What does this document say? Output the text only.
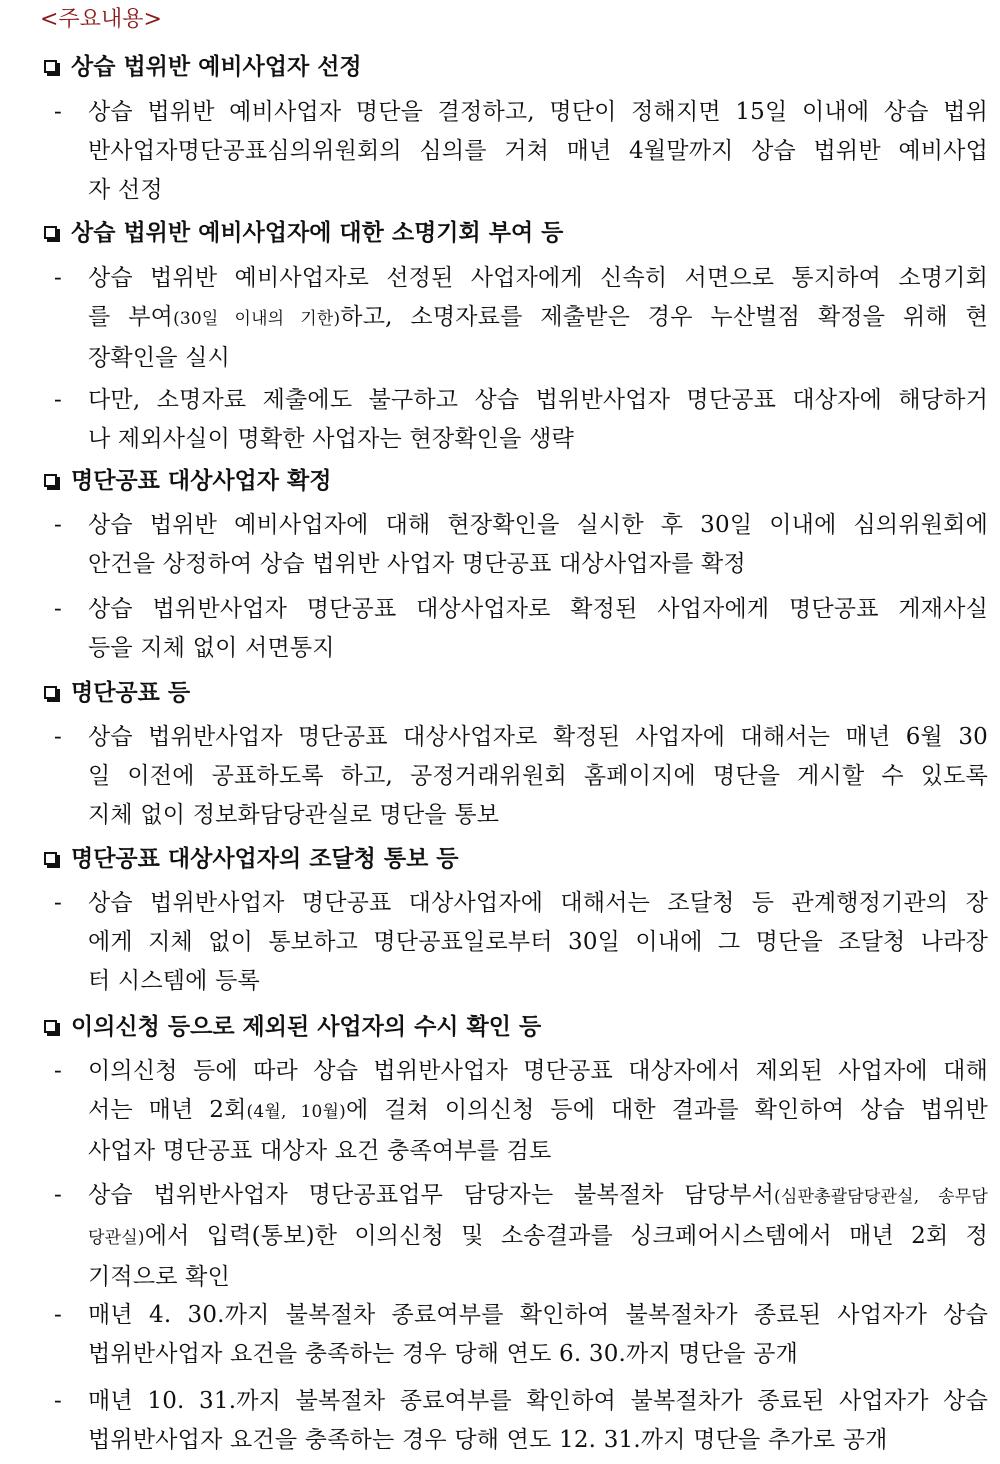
<주요내용>
상습 법위반 예비사업자 선정
-	상습 법위반 예비사업자 명단을 결정하고, 명단이 정해지면 15일 이내에 상습 법위
반사업자명단공표심의위원회의 심의를 거쳐 매년 4월말까지 상습 법위반 예비사업
자 선정
상습 법위반 예비사업자에 대한 소명기회 부여 등
-	상습 법위반 예비사업자로 선정된 사업자에게 신속히 서면으로 통지하여 소명기회
를 부여(30일 이내의 기한)하고, 소명자료를 제출받은 경우 누산벌점 확정을 위해 현
장확인을 실시
-	다만, 소명자료 제출에도 불구하고 상습 법위반사업자 명단공표 대상자에 해당하거
나 제외사실이 명확한 사업자는 현장확인을 생략
명단공표 대상사업자 확정
-	상습 법위반 예비사업자에 대해 현장확인을 실시한 후 30일 이내에 심의위원회에
안건을 상정하여 상습 법위반 사업자 명단공표 대상사업자를 확정
-	상습 법위반사업자 명단공표 대상사업자로 확정된 사업자에게 명단공표 게재사실
등을 지체 없이 서면통지
명단공표 등
-	상습 법위반사업자 명단공표 대상사업자로 확정된 사업자에 대해서는 매년 6월 30
일 이전에 공표하도록 하고, 공정거래위원회 홈페이지에 명단을 게시할 수 있도록
지체 없이 정보화담당관실로 명단을 통보
명단공표 대상사업자의 조달청 통보 등
-	상습 법위반사업자 명단공표 대상사업자에 대해서는 조달청 등 관계행정기관의 장
에게 지체 없이 통보하고 명단공표일로부터 30일 이내에 그 명단을 조달청 나라장
터 시스템에 등록
이의신청 등으로 제외된 사업자의 수시 확인 등
-	이의신청 등에 따라 상습 법위반사업자 명단공표 대상자에서 제외된 사업자에 대해
서는 매년 2회(4월, 10월)에 걸쳐 이의신청 등에 대한 결과를 확인하여 상습 법위반
사업자 명단공표 대상자 요건 충족여부를 검토
-	상습 법위반사업자 명단공표업무 담당자는 불복절차 담당부서(심판총괄담당관실, 송무담
당관실)에서 입력(통보)한 이의신청 및 소송결과를 싱크페어시스템에서 매년 2회 정
기적으로 확인
-	매년 4. 30.까지 불복절차 종료여부를 확인하여 불복절차가 종료된 사업자가 상습
법위반사업자 요건을 충족하는 경우 당해 연도 6. 30.까지 명단을 공개
-	매년 10. 31.까지 불복절차 종료여부를 확인하여 불복절차가 종료된 사업자가 상습
법위반사업자 요건을 충족하는 경우 당해 연도 12. 31.까지 명단을 추가로 공개
